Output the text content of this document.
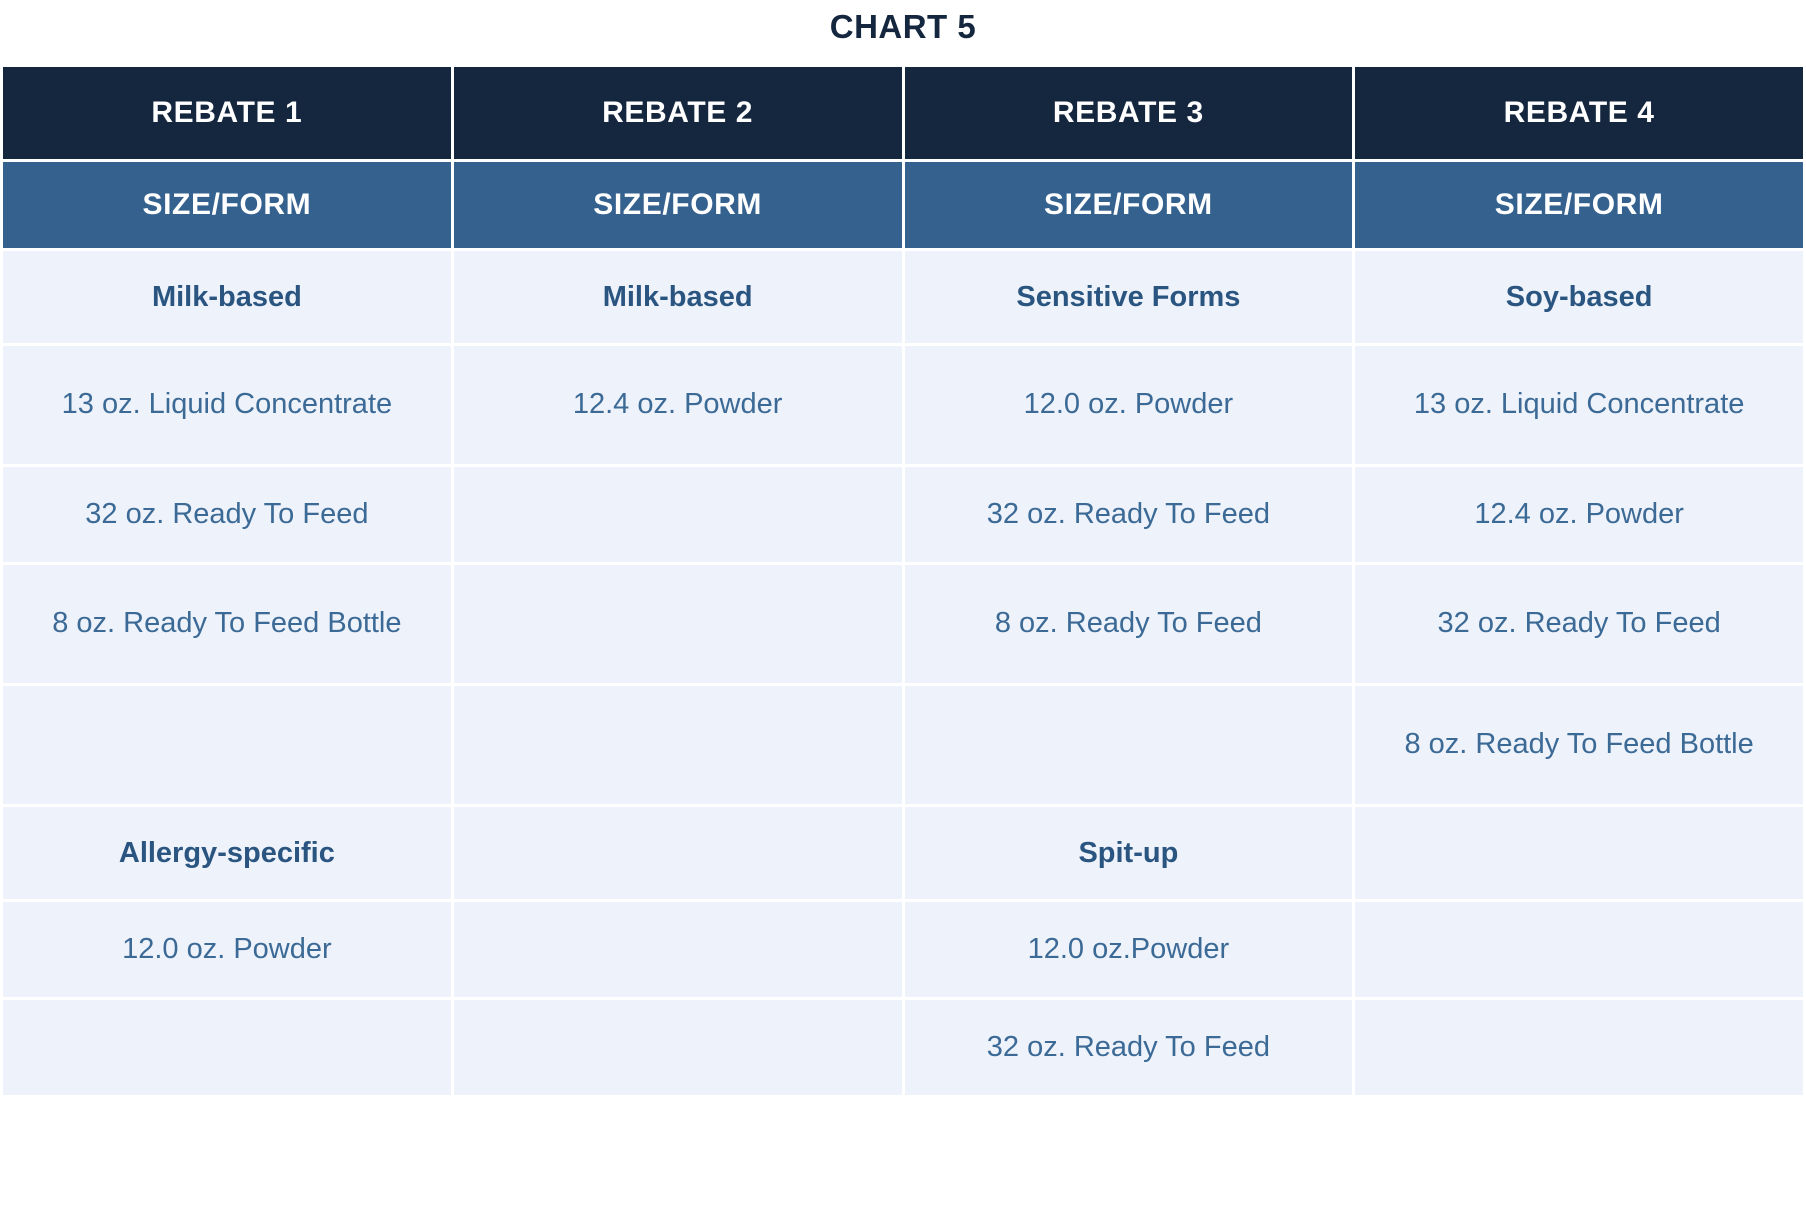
CHART 5
REBATE 1	REBATE 2	REBATE 3	REBATE 4
SIZE/FORM	SIZE/FORM	SIZE/FORM	SIZE/FORM
Milk-based	Milk-based	Sensitive Forms	Soy-based
13 oz. Liquid Concentrate	12.4 oz. Powder	12.0 oz. Powder	13 oz. Liquid Concentrate
32 oz. Ready To Feed		32 oz. Ready To Feed	12.4 oz. Powder
8 oz. Ready To Feed Bottle		8 oz. Ready To Feed	32 oz. Ready To Feed
			8 oz. Ready To Feed Bottle
Allergy-specific		Spit-up	
12.0 oz. Powder		12.0 oz.Powder	
		32 oz. Ready To Feed	
